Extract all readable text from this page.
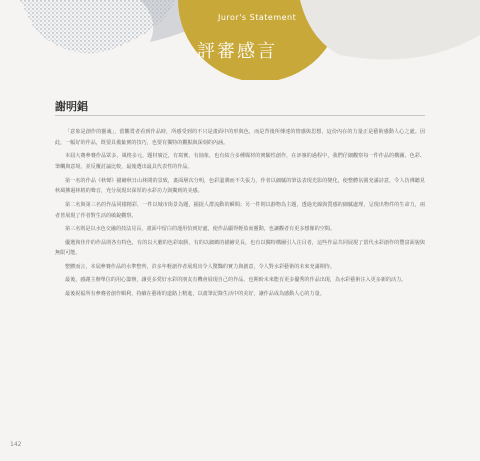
Juror's Statement
評審感言
謝明錩

「意象是創作的靈魂」，當觀賞者看到作品時，所感受到的不只是畫面中的形與色，而是背後所傳達的情感與思想，這份內在的力量正是藝術感動人心之處。因此，一幅好的作品，既要具備紮實的技巧，也要有獨特的觀點與深刻的內涵。

本屆大賽參賽作品眾多，風格多元，題材廣泛，有寫實、有抽象，也有結合多種媒材的實驗性創作，在評審的過程中，我們仔細觀察每一件作品的構圖、色彩、筆觸與意境，並反覆討論比較，最後選出最具代表性的作品。

第一名的作品《秋聲》描繪秋日山林間的景致，畫面層次分明，色彩溫潤而不失張力，作者以細膩的筆法表現光影的變化，使整體氛圍充滿詩意，令人彷彿聽見秋風拂過林梢的聲音，充分展現出深厚的水彩功力與獨到的美感。

第二名與第三名的作品同樣精彩，一件以城市街景為題，捕捉人群流動的瞬間；另一件則以靜物為主題，透過光線與質感的細膩處理，呈現出物件的生命力，兩者皆展現了作者對生活的敏銳觀察。

第三名則是以水色交融的技法見長，畫面中留白的運用恰到好處，使作品顯得輕盈而靈動，也讓觀者有更多想像的空間。

優選與佳作的作品則各有特色，有的以大膽的色彩取勝，有的以細緻的描繪見長，也有以獨特構圖引人注目者，這些作品共同展現了當代水彩創作的豐富面貌與無限可能。

整體而言，本屆參賽作品的水準整齊，許多年輕創作者展現出令人驚豔的實力與創意，令人對水彩藝術的未來充滿期待。

最後，感謝主辦單位的用心籌辦，讓更多愛好水彩的朋友有機會展現自己的作品，也期盼未來能有更多優秀的作品出現，為水彩藝術注入更多新的活力。

最後祝福所有參賽者創作順利，持續在藝術的道路上精進，以畫筆記錄生活中的美好，讓作品成為感動人心的力量。

142
